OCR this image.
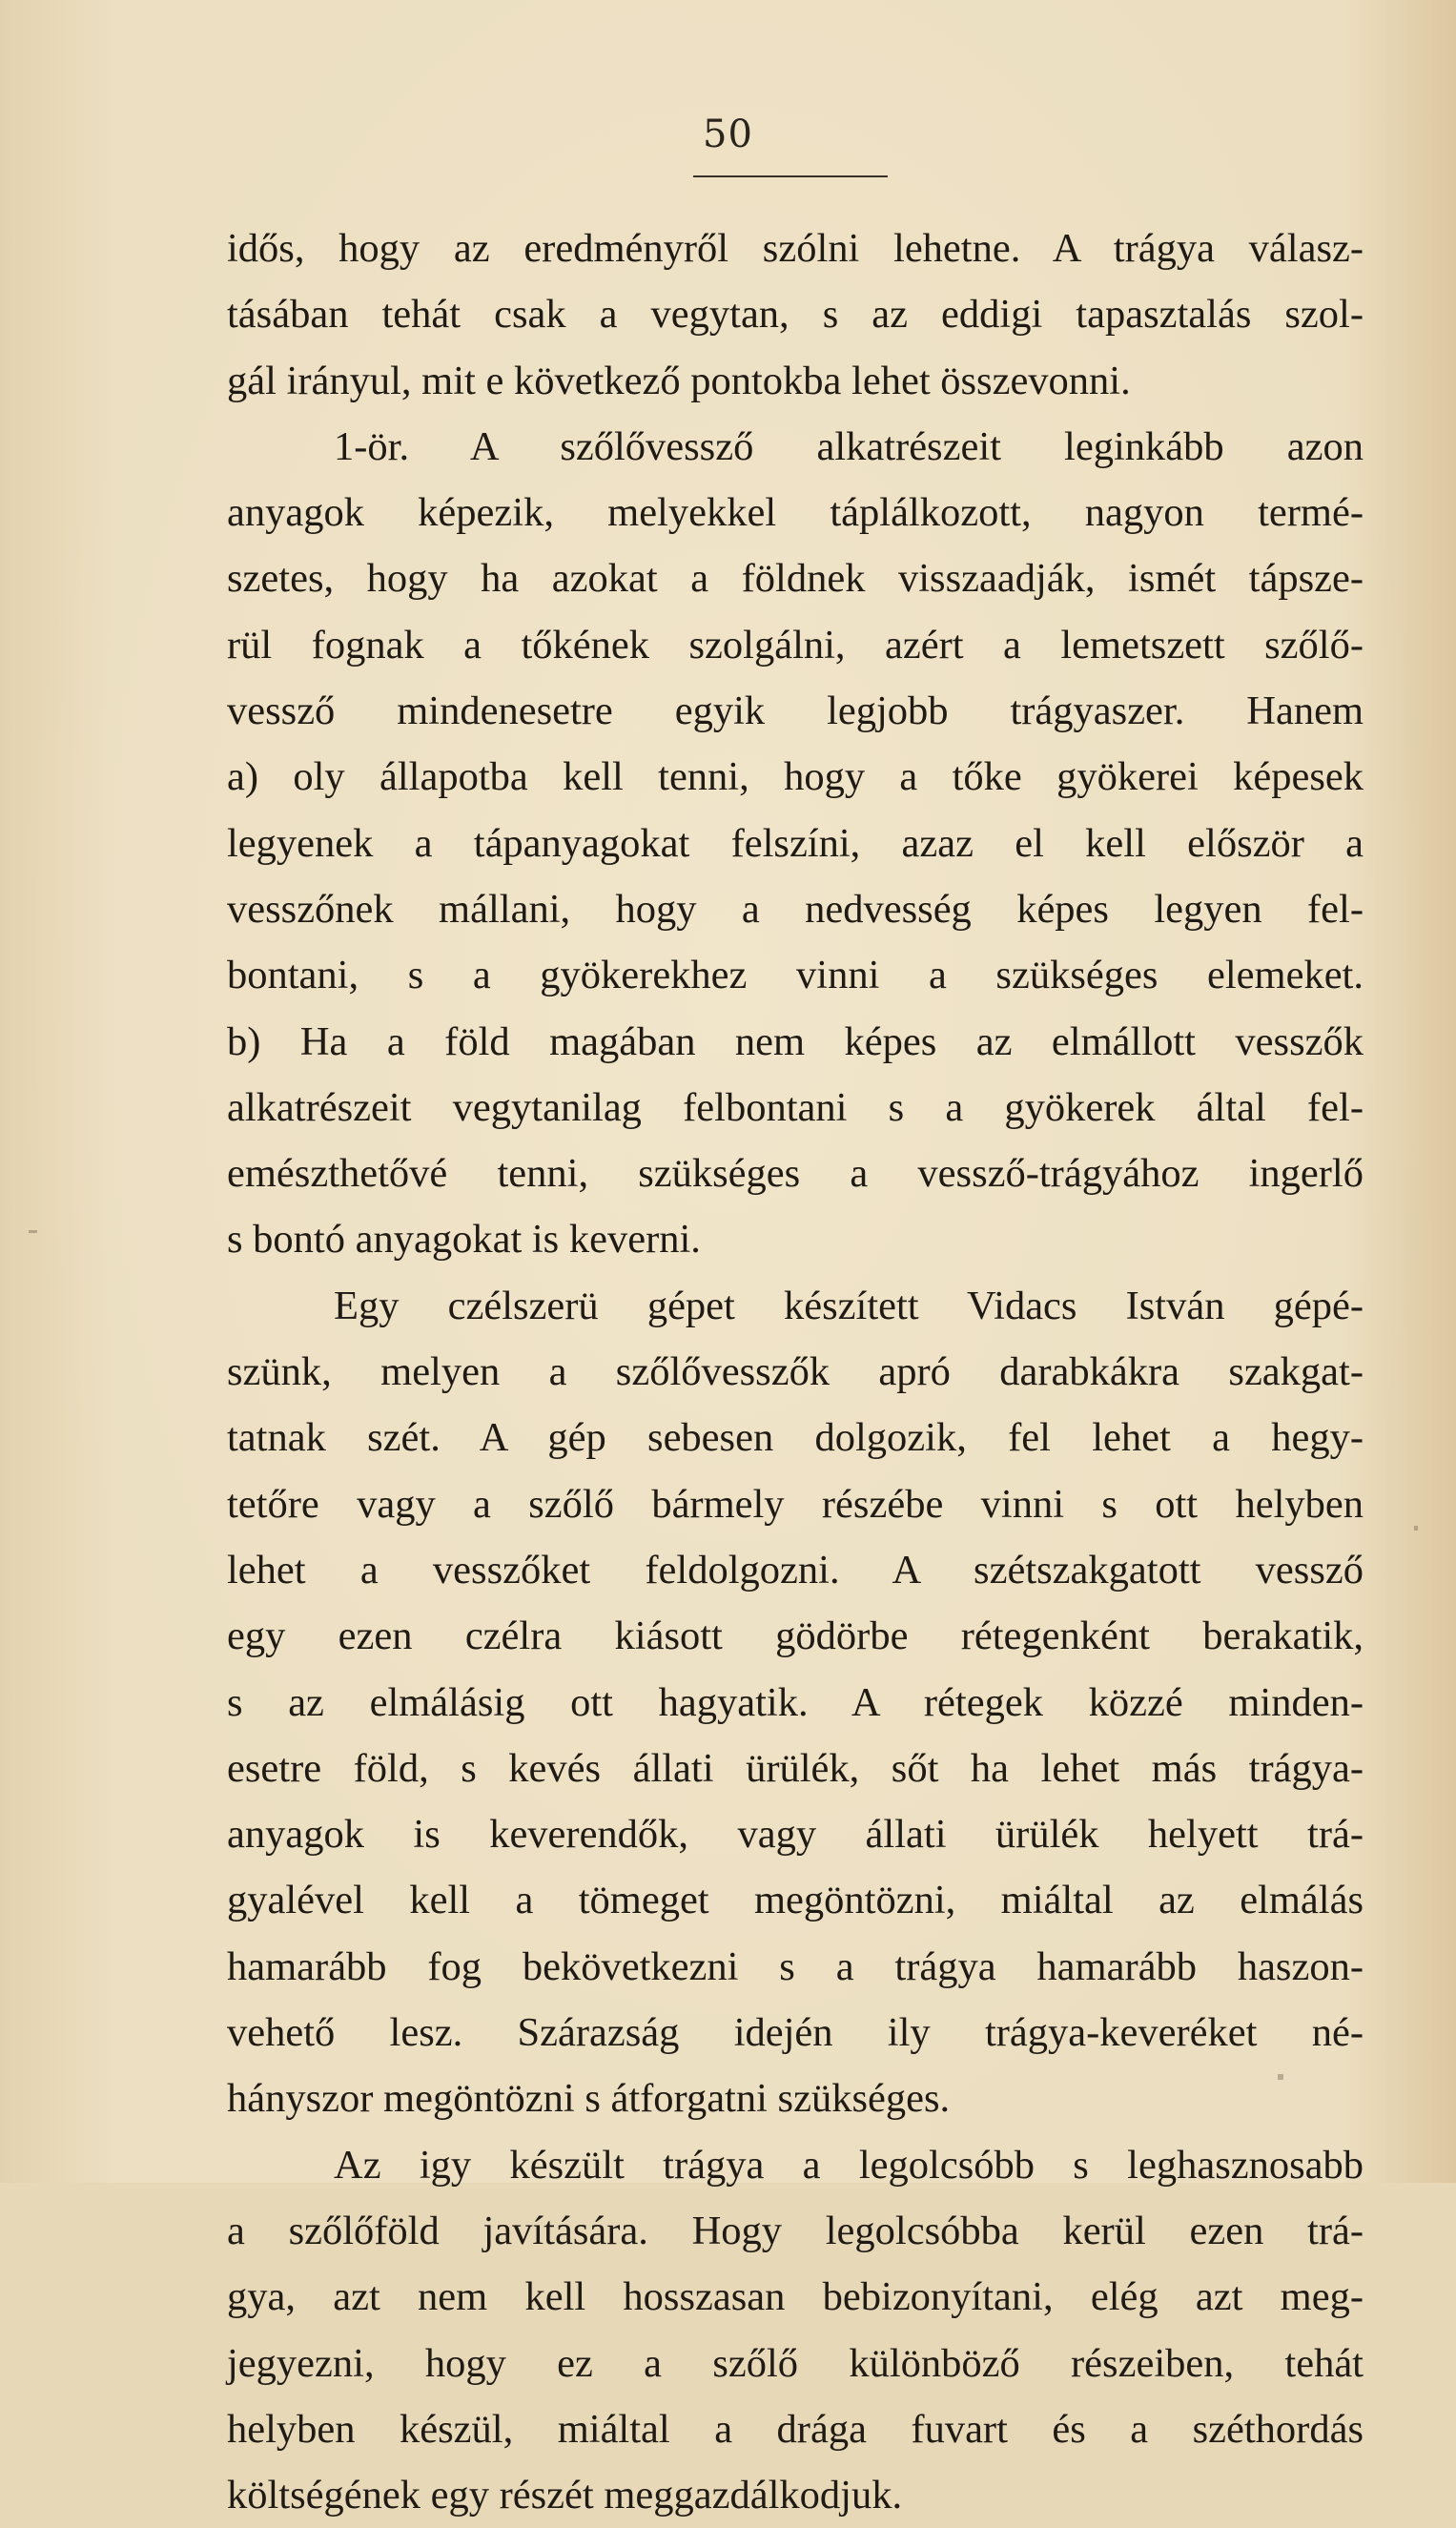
50
idős, hogy az eredményről szólni lehetne. A trágya válasz-
tásában tehát csak a vegytan, s az eddigi tapasztalás szol-
gál irányul, mit e következő pontokba lehet összevonni.
1-ör. A szőlővessző alkatrészeit leginkább azon
anyagok képezik, melyekkel táplálkozott, nagyon termé-
szetes, hogy ha azokat a földnek visszaadják, ismét tápsze-
rül fognak a tőkének szolgálni, azért a lemetszett szőlő-
vessző mindenesetre egyik legjobb trágyaszer. Hanem
a) oly állapotba kell tenni, hogy a tőke gyökerei képesek
legyenek a tápanyagokat felszíni, azaz el kell először a
vesszőnek mállani, hogy a nedvesség képes legyen fel-
bontani, s a gyökerekhez vinni a szükséges elemeket.
b) Ha a föld magában nem képes az elmállott vesszők
alkatrészeit vegytanilag felbontani s a gyökerek által fel-
emészthetővé tenni, szükséges a vessző-trágyához ingerlő
s bontó anyagokat is keverni.
Egy czélszerü gépet készített Vidacs István gépé-
szünk, melyen a szőlővesszők apró darabkákra szakgat-
tatnak szét. A gép sebesen dolgozik, fel lehet a hegy-
tetőre vagy a szőlő bármely részébe vinni s ott helyben
lehet a vesszőket feldolgozni. A szétszakgatott vessző
egy ezen czélra kiásott gödörbe rétegenként berakatik,
s az elmálásig ott hagyatik. A rétegek közzé minden-
esetre föld, s kevés állati ürülék, sőt ha lehet más trágya-
anyagok is keverendők, vagy állati ürülék helyett trá-
gyalével kell a tömeget megöntözni, miáltal az elmálás
hamarább fog bekövetkezni s a trágya hamarább haszon-
vehető lesz. Szárazság idején ily trágya-keveréket né-
hányszor megöntözni s átforgatni szükséges.
Az igy készült trágya a legolcsóbb s leghasznosabb
a szőlőföld javítására. Hogy legolcsóbba kerül ezen trá-
gya, azt nem kell hosszasan bebizonyítani, elég azt meg-
jegyezni, hogy ez a szőlő különböző részeiben, tehát
helyben készül, miáltal a drága fuvart és a széthordás
költségének egy részét meggazdálkodjuk.
